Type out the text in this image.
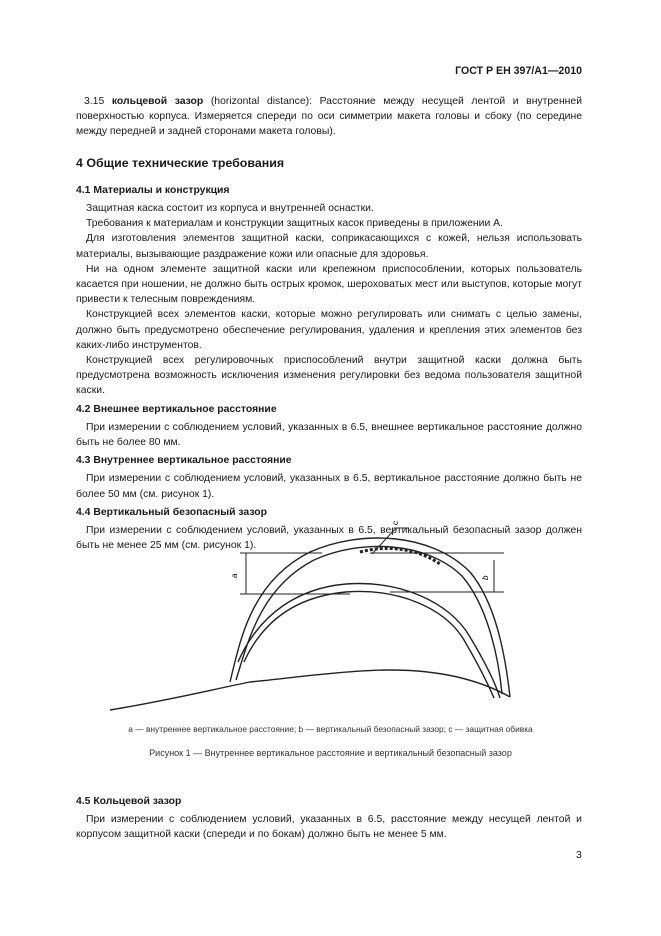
ГОСТ Р ЕН 397/А1—2010

3.15 кольцевой зазор (horizontal distance): Расстояние между несущей лентой и внутренней поверхностью корпуса. Измеряется спереди по оси симметрии макета головы и сбоку (по середине между передней и задней сторонами макета головы).

4 Общие технические требования

4.1 Материалы и конструкция

Защитная каска состоит из корпуса и внутренней оснастки.

Требования к материалам и конструкции защитных касок приведены в приложении А.

Для изготовления элементов защитной каски, соприкасающихся с кожей, нельзя использовать материалы, вызывающие раздражение кожи или опасные для здоровья.

Ни на одном элементе защитной каски или крепежном приспособлении, которых пользователь касается при ношении, не должно быть острых кромок, шероховатых мест или выступов, которые могут привести к телесным повреждениям.

Конструкцией всех элементов каски, которые можно регулировать или снимать с целью замены, должно быть предусмотрено обеспечение регулирования, удаления и крепления этих элементов без каких-либо инструментов.

Конструкцией всех регулировочных приспособлений внутри защитной каски должна быть предусмотрена возможность исключения изменения регулировки без ведома пользователя защитной каски.

4.2 Внешнее вертикальное расстояние

При измерении с соблюдением условий, указанных в 6.5, внешнее вертикальное расстояние должно быть не более 80 мм.

4.3 Внутреннее вертикальное расстояние

При измерении с соблюдением условий, указанных в 6.5, вертикальное расстояние должно быть не более 50 мм (см. рисунок 1).

4.4 Вертикальный безопасный зазор

При измерении с соблюдением условий, указанных в 6.5, вертикальный безопасный зазор должен быть не менее 25 мм (см. рисунок 1).

a	b
c
a — внутреннее вертикальное расстояние; b — вертикальный безопасный зазор; c — защитная обивка
Рисунок 1 — Внутреннее вертикальное расстояние и вертикальный безопасный зазор

4.5 Кольцевой зазор

При измерении с соблюдением условий, указанных в 6.5, расстояние между несущей лентой и корпусом защитной каски (спереди и по бокам) должно быть не менее 5 мм.

3
